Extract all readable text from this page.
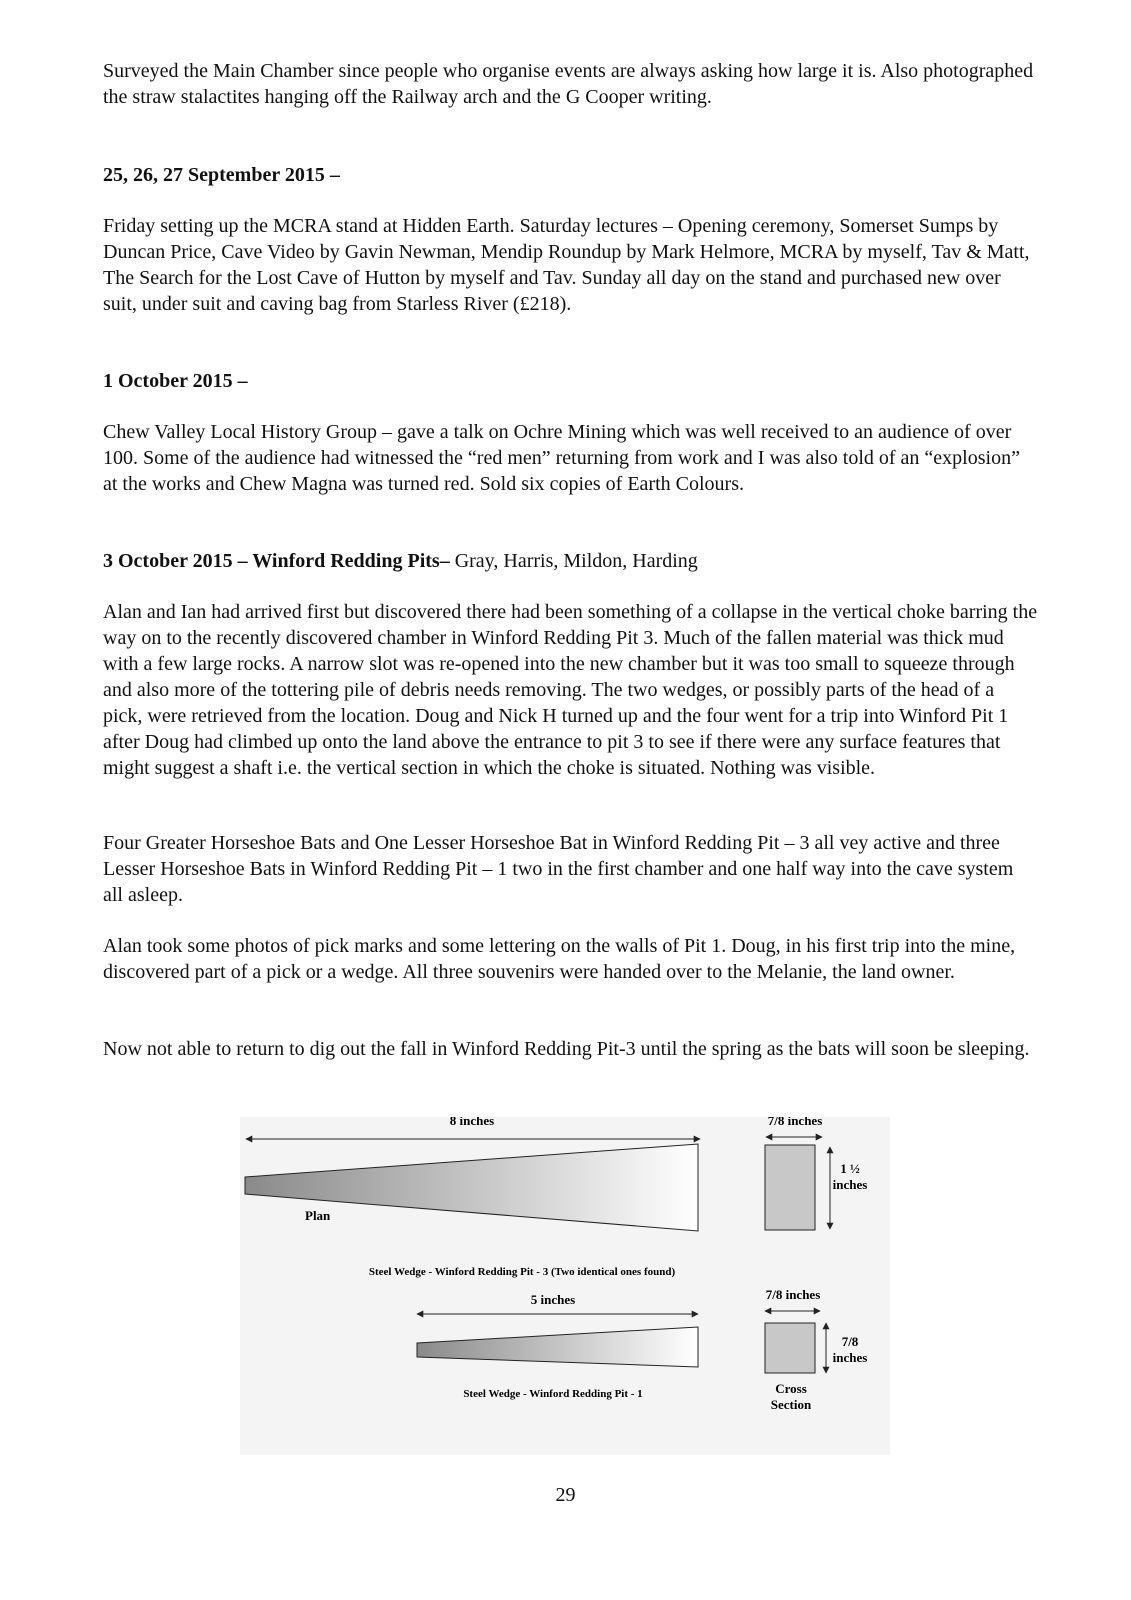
Surveyed the Main Chamber since people who organise events are always asking how large it is. Also photographed the straw stalactites hanging off the Railway arch and the G Cooper writing.

25, 26, 27 September 2015 –

Friday setting up the MCRA stand at Hidden Earth. Saturday lectures – Opening ceremony, Somerset Sumps by Duncan Price, Cave Video by Gavin Newman, Mendip Roundup by Mark Helmore, MCRA by myself, Tav & Matt, The Search for the Lost Cave of Hutton by myself and Tav. Sunday all day on the stand and purchased new over suit, under suit and caving bag from Starless River (£218).

1 October 2015 –

Chew Valley Local History Group – gave a talk on Ochre Mining which was well received to an audience of over 100. Some of the audience had witnessed the “red men” returning from work and I was also told of an “explosion” at the works and Chew Magna was turned red. Sold six copies of Earth Colours.

3 October 2015 – Winford Redding Pits– Gray, Harris, Mildon, Harding

Alan and Ian had arrived first but discovered there had been something of a collapse in the vertical choke barring the way on to the recently discovered chamber in Winford Redding Pit 3. Much of the fallen material was thick mud with a few large rocks. A narrow slot was re-opened into the new chamber but it was too small to squeeze through and also more of the tottering pile of debris needs removing. The two wedges, or possibly parts of the head of a pick, were retrieved from the location. Doug and Nick H turned up and the four went for a trip into Winford Pit 1 after Doug had climbed up onto the land above the entrance to pit 3 to see if there were any surface features that might suggest a shaft i.e. the vertical section in which the choke is situated. Nothing was visible.

Four Greater Horseshoe Bats and One Lesser Horseshoe Bat in Winford Redding Pit – 3 all vey active and three Lesser Horseshoe Bats in Winford Redding Pit – 1 two in the first chamber and one half way into the cave system all asleep.

Alan took some photos of pick marks and some lettering on the walls of Pit 1. Doug, in his first trip into the mine, discovered part of a pick or a wedge. All three souvenirs were handed over to the Melanie, the land owner.

Now not able to return to dig out the fall in Winford Redding Pit-3 until the spring as the bats will soon be sleeping.

8 inches
Plan
7/8 inches
1 ½
inches
Steel Wedge - Winford Redding Pit - 3 (Two identical ones found)
5 inches
Steel Wedge - Winford Redding Pit - 1
7/8 inches
7/8
inches
Cross
Section
29
